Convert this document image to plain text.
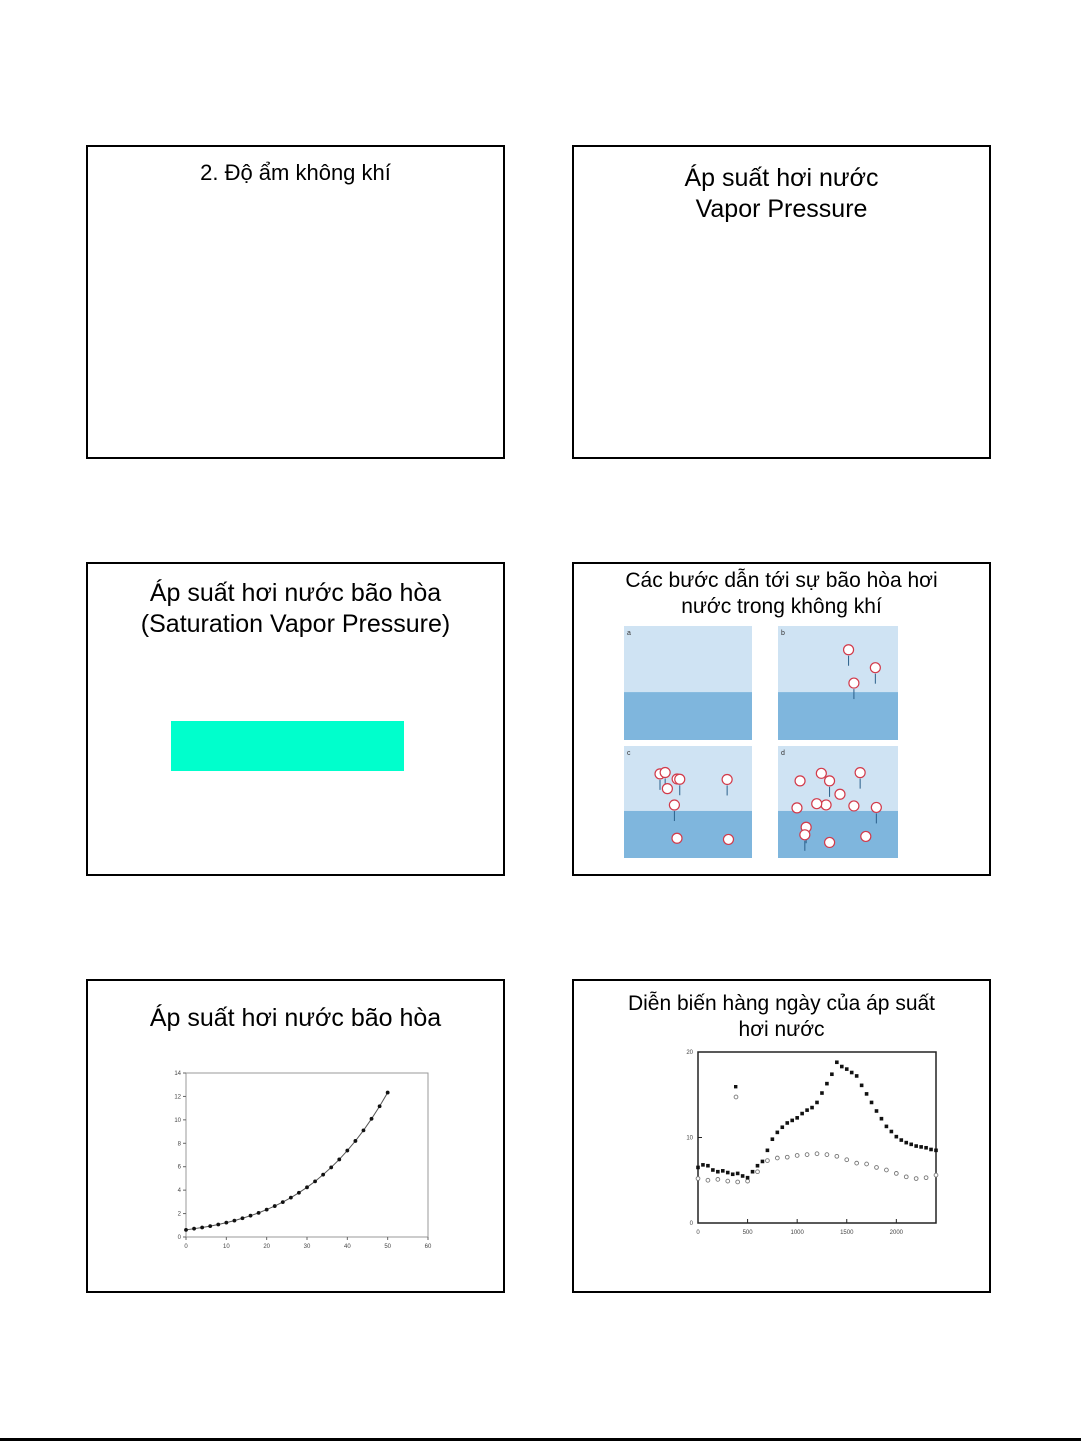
2. Độ ẩm không khí	Áp suất hơi nước
Vapor Pressure
Áp suất hơi nước bão hòa
(Saturation Vapor Pressure)
Các bước dẫn tới sự bão hòa hơi
nước trong không khí
a	b
c	d
Áp suất hơi nước bão hòa
0	10	20	30	40	50	60
0
2
4
6
8
10
12
14
Diễn biến hàng ngày của áp suất
hơi nước
0	500	1000	1500	2000
0
10
20
